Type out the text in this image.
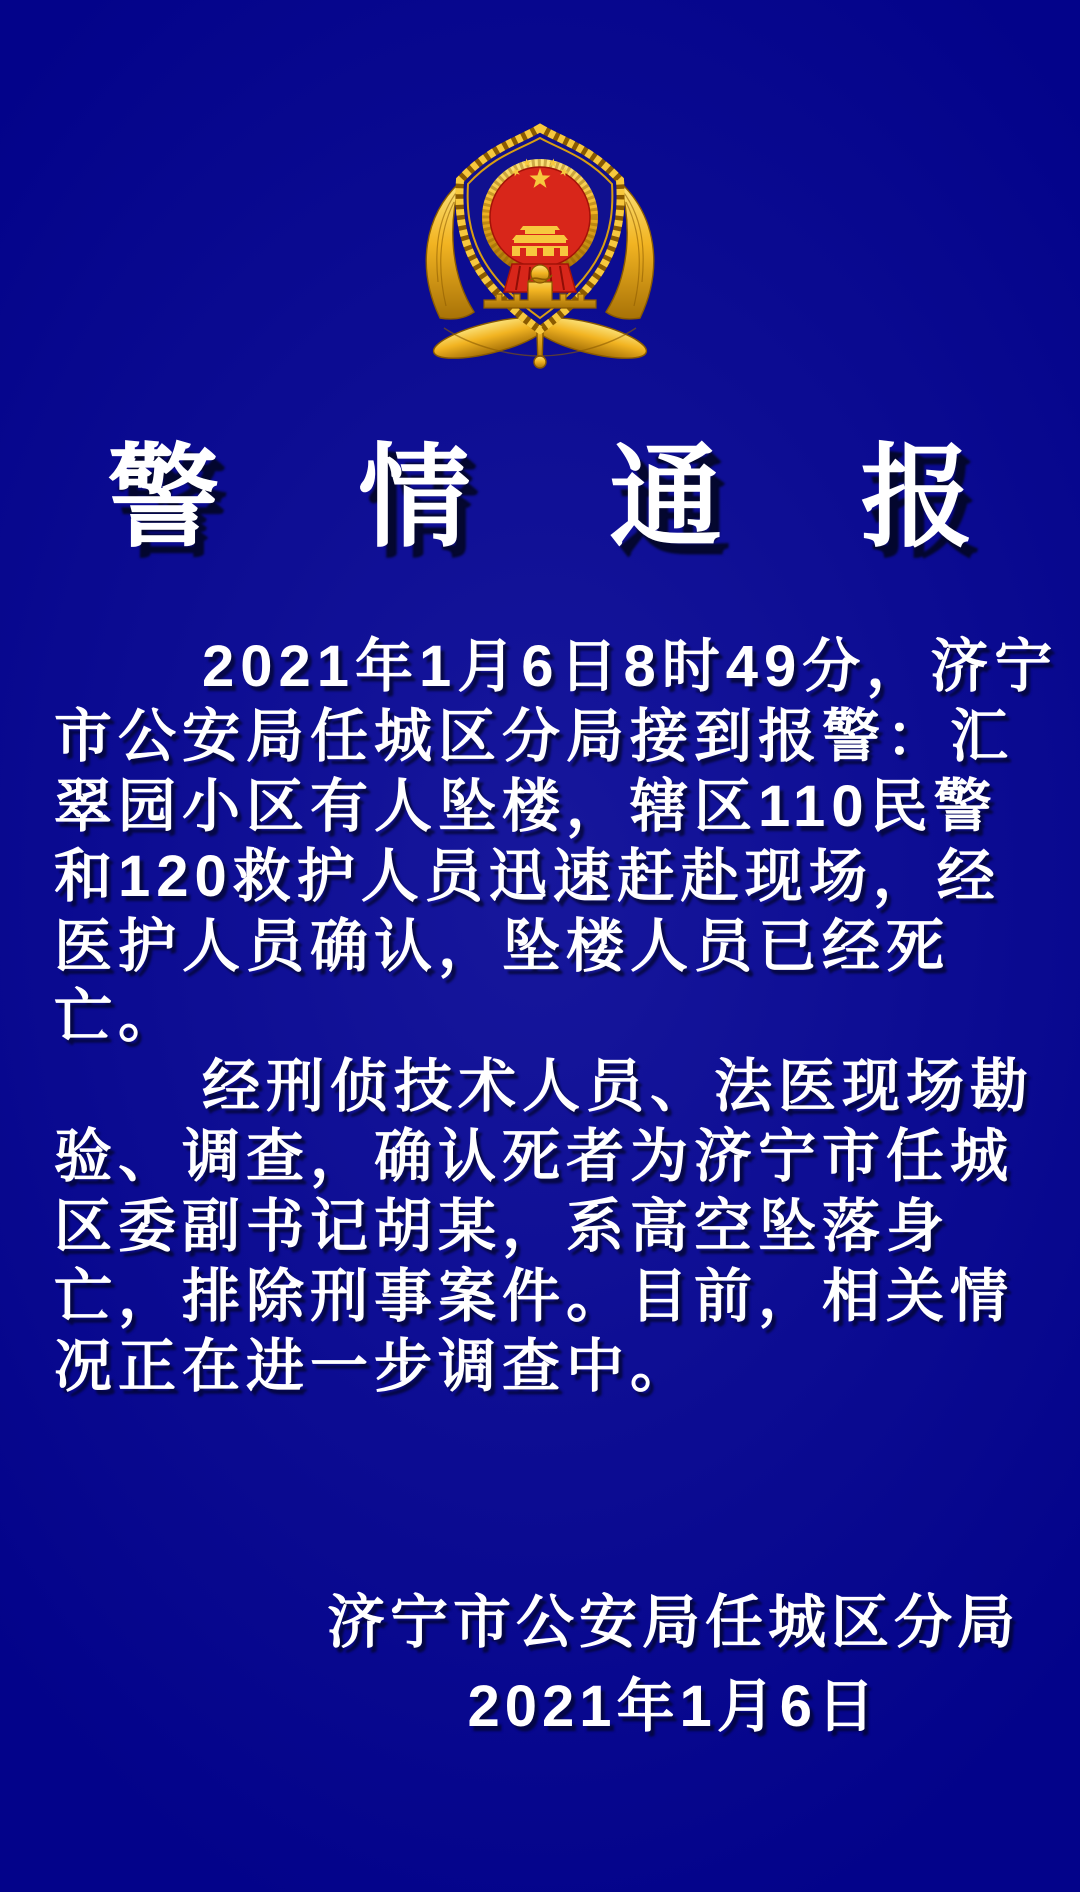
警 情 通 报
2021年1月6日8时49分，济宁
市公安局任城区分局接到报警：汇
翠园小区有人坠楼，辖区110民警
和120救护人员迅速赶赴现场，经
医护人员确认，坠楼人员已经死
亡。
经刑侦技术人员、法医现场勘
验、调查，确认死者为济宁市任城
区委副书记胡某，系高空坠落身
亡，排除刑事案件。目前，相关情
况正在进一步调查中。
济宁市公安局任城区分局
2021年1月6日
